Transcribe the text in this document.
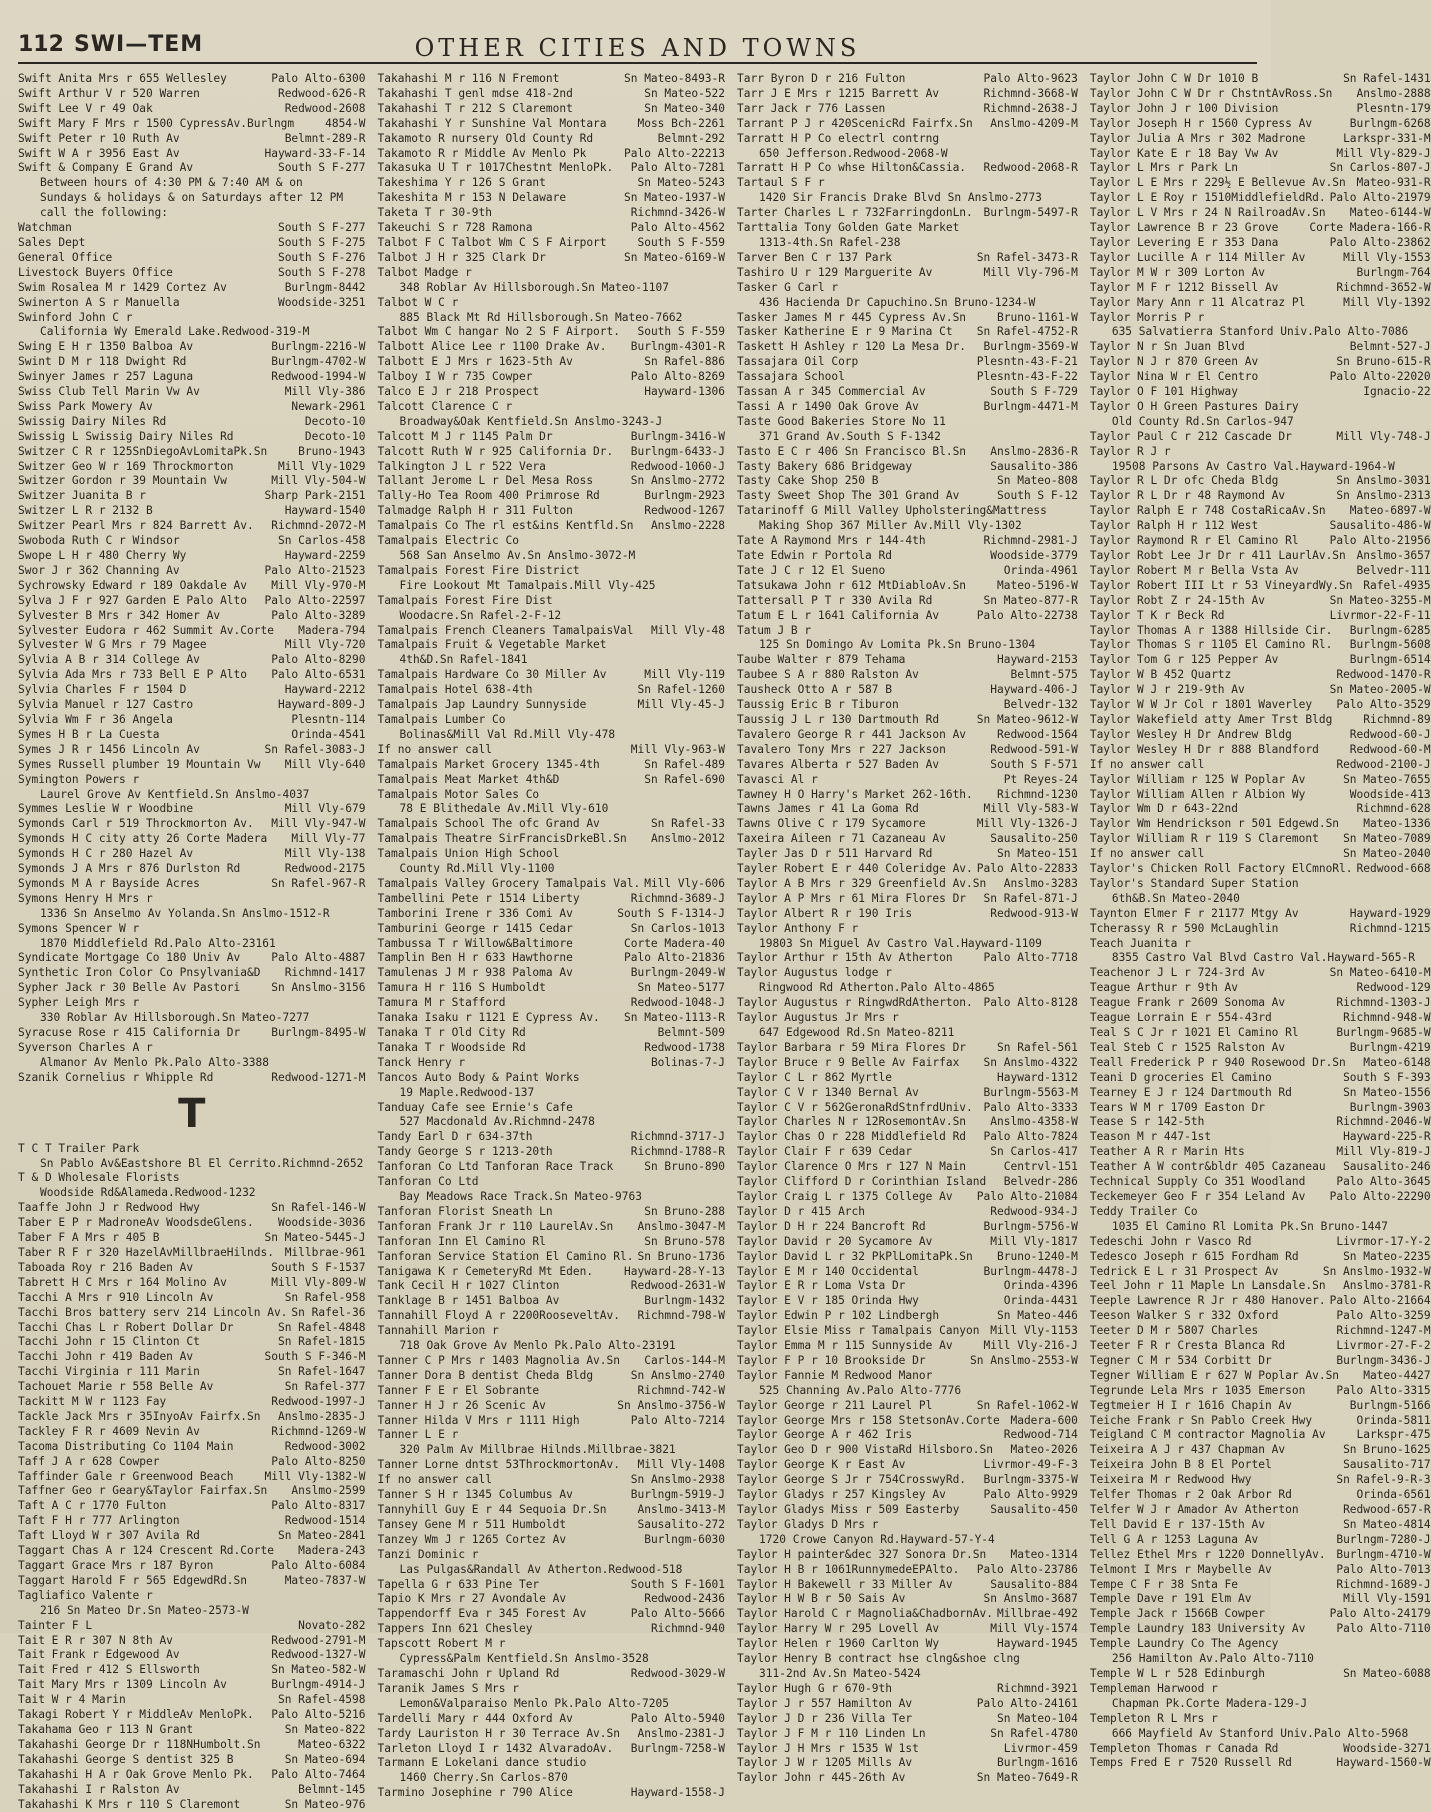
112 SWI—TEM	OTHER CITIES AND TOWNS
Swift Anita Mrs r 655 Wellesley	Palo Alto-6300
Swift Arthur V r 520 Warren	Redwood-626-R
Swift Lee V r 49 Oak	Redwood-2608
Swift Mary F Mrs r 1500 CypressAv.Burlngm	4854-W
Swift Peter r 10 Ruth Av	Belmnt-289-R
Swift W A r 3956 East Av	Hayward-33-F-14
Swift & Company E Grand Av	South S F-277
Between hours of 4:30 PM & 7:40 AM & on
Sundays & holidays & on Saturdays after 12 PM
call the following:
Watchman	South S F-277
Sales Dept	South S F-275
General Office	South S F-276
Livestock Buyers Office	South S F-278
Swim Rosalea M r 1429 Cortez Av	Burlngm-8442
Swinerton A S r Manuella	Woodside-3251
Swinford John C r
California Wy Emerald Lake.Redwood-319-M
Swing E H r 1350 Balboa Av	Burlngm-2216-W
Swint D M r 118 Dwight Rd	Burlngm-4702-W
Swinyer James r 257 Laguna	Redwood-1994-W
Swiss Club Tell Marin Vw Av	Mill Vly-386
Swiss Park Mowery Av	Newark-2961
Swissig Dairy Niles Rd	Decoto-10
Swissig L Swissig Dairy Niles Rd	Decoto-10
Switzer C R r 125SnDiegoAvLomitaPk.Sn	Bruno-1943
Switzer Geo W r 169 Throckmorton	Mill Vly-1029
Switzer Gordon r 39 Mountain Vw	Mill Vly-504-W
Switzer Juanita B r	Sharp Park-2151
Switzer L R r 2132 B	Hayward-1540
Switzer Pearl Mrs r 824 Barrett Av.	Richmnd-2072-M
Swoboda Ruth C r Windsor	Sn Carlos-458
Swope L H r 480 Cherry Wy	Hayward-2259
Swor J r 362 Channing Av	Palo Alto-21523
Sychrowsky Edward r 189 Oakdale Av	Mill Vly-970-M
Sylva J F r 927 Garden E Palo Alto	Palo Alto-22597
Sylvester B Mrs r 342 Homer Av	Palo Alto-3289
Sylvester Eudora r 462 Summit Av.Corte	Madera-794
Sylvester W G Mrs r 79 Magee	Mill Vly-720
Sylvia A B r 314 College Av	Palo Alto-8290
Sylvia Ada Mrs r 733 Bell E P Alto	Palo Alto-6531
Sylvia Charles F r 1504 D	Hayward-2212
Sylvia Manuel r 127 Castro	Hayward-809-J
Sylvia Wm F r 36 Angela	Plesntn-114
Symes H B r La Cuesta	Orinda-4541
Symes J R r 1456 Lincoln Av	Sn Rafel-3083-J
Symes Russell plumber 19 Mountain Vw	Mill Vly-640
Symington Powers r
Laurel Grove Av Kentfield.Sn Anslmo-4037
Symmes Leslie W r Woodbine	Mill Vly-679
Symonds Carl r 519 Throckmorton Av.	Mill Vly-947-W
Symonds H C city atty 26 Corte Madera	Mill Vly-77
Symonds H C r 280 Hazel Av	Mill Vly-138
Symonds J A Mrs r 876 Durlston Rd	Redwood-2175
Symonds M A r Bayside Acres	Sn Rafel-967-R
Symons Henry H Mrs r
1336 Sn Anselmo Av Yolanda.Sn Anslmo-1512-R
Symons Spencer W r
1870 Middlefield Rd.Palo Alto-23161
Syndicate Mortgage Co 180 Univ Av	Palo Alto-4887
Synthetic Iron Color Co Pnsylvania&D	Richmnd-1417
Sypher Jack r 30 Belle Av Pastori	Sn Anslmo-3156
Sypher Leigh Mrs r
330 Roblar Av Hillsborough.Sn Mateo-7277
Syracuse Rose r 415 California Dr	Burlngm-8495-W
Syverson Charles A r
Almanor Av Menlo Pk.Palo Alto-3388
Szanik Cornelius r Whipple Rd	Redwood-1271-M
T
T C T Trailer Park
Sn Pablo Av&Eastshore Bl El Cerrito.Richmnd-2652
T & D Wholesale Florists
Woodside Rd&Alameda.Redwood-1232
Taaffe John J r Redwood Hwy	Sn Rafel-146-W
Taber E P r MadroneAv WoodsdeGlens.	Woodside-3036
Taber F A Mrs r 405 B	Sn Mateo-5445-J
Taber R F r 320 HazelAvMillbraeHilnds. Millbrae-961
Taboada Roy r 216 Baden Av	South S F-1537
Tabrett H C Mrs r 164 Molino Av	Mill Vly-809-W
Tacchi A Mrs r 910 Lincoln Av	Sn Rafel-958
Tacchi Bros battery serv 214 Lincoln Av. Sn Rafel-36
Tacchi Chas L r Robert Dollar Dr	Sn Rafel-4848
Tacchi John r 15 Clinton Ct	Sn Rafel-1815
Tacchi John r 419 Baden Av	South S F-346-M
Tacchi Virginia r 111 Marin	Sn Rafel-1647
Tachouet Marie r 558 Belle Av	Sn Rafel-377
Tackitt M W r 1123 Fay	Redwood-1997-J
Tackle Jack Mrs r 35InyoAv Fairfx.Sn	Anslmo-2835-J
Tackley F R r 4609 Nevin Av	Richmnd-1269-W
Tacoma Distributing Co 1104 Main	Redwood-3002
Taff J A r 628 Cowper	Palo Alto-8250
Taffinder Gale r Greenwood Beach	Mill Vly-1382-W
Taffner Geo r Geary&Taylor Fairfax.Sn	Anslmo-2599
Taft A C r 1770 Fulton	Palo Alto-8317
Taft F H r 777 Arlington	Redwood-1514
Taft Lloyd W r 307 Avila Rd	Sn Mateo-2841
Taggart Chas A r 124 Crescent Rd.Corte	Madera-243
Taggart Grace Mrs r 187 Byron	Palo Alto-6084
Taggart Harold F r 565 EdgewdRd.Sn	Mateo-7837-W
Tagliafico Valente r
216 Sn Mateo Dr.Sn Mateo-2573-W
Tainter F L	Novato-282
Tait E R r 307 N 8th Av	Redwood-2791-M
Tait Frank r Edgewood Av	Redwood-1327-W
Tait Fred r 412 S Ellsworth	Sn Mateo-582-W
Tait Mary Mrs r 1309 Lincoln Av	Burlngm-4914-J
Tait W r 4 Marin	Sn Rafel-4598
Takagi Robert Y r MiddleAv MenloPk.	Palo Alto-5216
Takahama Geo r 113 N Grant	Sn Mateo-822
Takahashi George Dr r 118NHumbolt.Sn	Mateo-6322
Takahashi George S dentist 325 B	Sn Mateo-694
Takahashi H A r Oak Grove Menlo Pk.	Palo Alto-7464
Takahashi I r Ralston Av	Belmnt-145
Takahashi K Mrs r 110 S Claremont	Sn Mateo-976
Takahashi M r 116 N Fremont	Sn Mateo-8493-R
Takahashi T genl mdse 418-2nd	Sn Mateo-522
Takahashi T r 212 S Claremont	Sn Mateo-340
Takahashi Y r Sunshine Val Montara	Moss Bch-2261
Takamoto R nursery Old County Rd	Belmnt-292
Takamoto R r Middle Av Menlo Pk	Palo Alto-22213
Takasuka U T r 1017Chestnt MenloPk.	Palo Alto-7281
Takeshima Y r 126 S Grant	Sn Mateo-5243
Takeshita M r 153 N Delaware	Sn Mateo-1937-W
Taketa T r 30-9th	Richmnd-3426-W
Takeuchi S r 728 Ramona	Palo Alto-4562
Talbot F C Talbot Wm C S F Airport	South S F-559
Talbot J H r 325 Clark Dr	Sn Mateo-6169-W
Talbot Madge r
348 Roblar Av Hillsborough.Sn Mateo-1107
Talbot W C r
885 Black Mt Rd Hillsborough.Sn Mateo-7662
Talbot Wm C hangar No 2 S F Airport.	South S F-559
Talbott Alice Lee r 1100 Drake Av.	Burlngm-4301-R
Talbott E J Mrs r 1623-5th Av	Sn Rafel-886
Talboy I W r 735 Cowper	Palo Alto-8269
Talco E J r 218 Prospect	Hayward-1306
Talcott Clarence C r
Broadway&Oak Kentfield.Sn Anslmo-3243-J
Talcott M J r 1145 Palm Dr	Burlngm-3416-W
Talcott Ruth W r 925 California Dr.	Burlngm-6433-J
Talkington J L r 522 Vera	Redwood-1060-J
Tallant Jerome L r Del Mesa Ross	Sn Anslmo-2772
Tally-Ho Tea Room 400 Primrose Rd	Burlngm-2923
Talmadge Ralph H r 311 Fulton	Redwood-1267
Tamalpais Co The rl est&ins Kentfld.Sn	Anslmo-2228
Tamalpais Electric Co
568 San Anselmo Av.Sn Anslmo-3072-M
Tamalpais Forest Fire District
Fire Lookout Mt Tamalpais.Mill Vly-425
Tamalpais Forest Fire Dist
Woodacre.Sn Rafel-2-F-12
Tamalpais French Cleaners TamalpaisVal	Mill Vly-48
Tamalpais Fruit & Vegetable Market
4th&D.Sn Rafel-1841
Tamalpais Hardware Co 30 Miller Av	Mill Vly-119
Tamalpais Hotel 638-4th	Sn Rafel-1260
Tamalpais Jap Laundry Sunnyside	Mill Vly-45-J
Tamalpais Lumber Co
Bolinas&Mill Val Rd.Mill Vly-478
If no answer call	Mill Vly-963-W
Tamalpais Market Grocery 1345-4th	Sn Rafel-489
Tamalpais Meat Market 4th&D	Sn Rafel-690
Tamalpais Motor Sales Co
78 E Blithedale Av.Mill Vly-610
Tamalpais School The ofc Grand Av	Sn Rafel-33
Tamalpais Theatre SirFrancisDrkeBl.Sn	Anslmo-2012
Tamalpais Union High School
County Rd.Mill Vly-1100
Tamalpais Valley Grocery Tamalpais Val. Mill Vly-606
Tambellini Pete r 1514 Liberty	Richmnd-3689-J
Tamborini Irene r 336 Comi Av	South S F-1314-J
Tamburini George r 1415 Cedar	Sn Carlos-1013
Tambussa T r Willow&Baltimore	Corte Madera-40
Tamplin Ben H r 633 Hawthorne	Palo Alto-21836
Tamulenas J M r 938 Paloma Av	Burlngm-2049-W
Tamura H r 116 S Humboldt	Sn Mateo-5177
Tamura M r Stafford	Redwood-1048-J
Tanaka Isaku r 1121 E Cypress Av.	Sn Mateo-1113-R
Tanaka T r Old City Rd	Belmnt-509
Tanaka T r Woodside Rd	Redwood-1738
Tanck Henry r	Bolinas-7-J
Tancos Auto Body & Paint Works
19 Maple.Redwood-137
Tanduay Cafe see Ernie's Cafe
527 Macdonald Av.Richmnd-2478
Tandy Earl D r 634-37th	Richmnd-3717-J
Tandy George S r 1213-20th	Richmnd-1788-R
Tanforan Co Ltd Tanforan Race Track	Sn Bruno-890
Tanforan Co Ltd
Bay Meadows Race Track.Sn Mateo-9763
Tanforan Florist Sneath Ln	Sn Bruno-288
Tanforan Frank Jr r 110 LaurelAv.Sn	Anslmo-3047-M
Tanforan Inn El Camino Rl	Sn Bruno-578
Tanforan Service Station El Camino Rl. Sn Bruno-1736
Tanigawa K r CemeteryRd Mt Eden.	Hayward-28-Y-13
Tank Cecil H r 1027 Clinton	Redwood-2631-W
Tanklage B r 1451 Balboa Av	Burlngm-1432
Tannahill Floyd A r 2200RooseveltAv.	Richmnd-798-W
Tannahill Marion r
718 Oak Grove Av Menlo Pk.Palo Alto-23191
Tanner C P Mrs r 1403 Magnolia Av.Sn	Carlos-144-M
Tanner Dora B dentist Cheda Bldg	Sn Anslmo-2740
Tanner F E r El Sobrante	Richmnd-742-W
Tanner H J r 26 Scenic Av	Sn Anslmo-3756-W
Tanner Hilda V Mrs r 1111 High	Palo Alto-7214
Tanner L E r
320 Palm Av Millbrae Hilnds.Millbrae-3821
Tanner Lorne dntst 53ThrockmortonAv.	Mill Vly-1408
If no answer call	Sn Anslmo-2938
Tanner S H r 1345 Columbus Av	Burlngm-5919-J
Tannyhill Guy E r 44 Sequoia Dr.Sn	Anslmo-3413-M
Tansey Gene M r 511 Humboldt	Sausalito-272
Tanzey Wm J r 1265 Cortez Av	Burlngm-6030
Tanzi Dominic r
Las Pulgas&Randall Av Atherton.Redwood-518
Tapella G r 633 Pine Ter	South S F-1601
Tapio K Mrs r 27 Avondale Av	Redwood-2436
Tappendorff Eva r 345 Forest Av	Palo Alto-5666
Tappers Inn 621 Chesley	Richmnd-940
Tapscott Robert M r
Cypress&Palm Kentfield.Sn Anslmo-3528
Taramaschi John r Upland Rd	Redwood-3029-W
Taranik James S Mrs r
Lemon&Valparaiso Menlo Pk.Palo Alto-7205
Tardelli Mary r 444 Oxford Av	Palo Alto-5940
Tardy Lauriston H r 30 Terrace Av.Sn	Anslmo-2381-J
Tarleton Lloyd I r 1432 AlvaradoAv.	Burlngm-7258-W
Tarmann E Lokelani dance studio
1460 Cherry.Sn Carlos-870
Tarmino Josephine r 790 Alice	Hayward-1558-J
Tarr Byron D r 216 Fulton	Palo Alto-9623
Tarr J E Mrs r 1215 Barrett Av	Richmnd-3668-W
Tarr Jack r 776 Lassen	Richmnd-2638-J
Tarrant P J r 420ScenicRd Fairfx.Sn	Anslmo-4209-M
Tarratt H P Co electrl contrng
650 Jefferson.Redwood-2068-W
Tarratt H P Co whse Hilton&Cassia.	Redwood-2068-R
Tartaul S F r
1420 Sir Francis Drake Blvd Sn Anslmo-2773
Tarter Charles L r 732FarringdonLn. Burlngm-5497-R
Tarttalia Tony Golden Gate Market
1313-4th.Sn Rafel-238
Tarver Ben C r 137 Park	Sn Rafel-3473-R
Tashiro U r 129 Marguerite Av	Mill Vly-796-M
Tasker G Carl r
436 Hacienda Dr Capuchino.Sn Bruno-1234-W
Tasker James M r 445 Cypress Av.Sn	Bruno-1161-W
Tasker Katherine E r 9 Marina Ct	Sn Rafel-4752-R
Taskett H Ashley r 120 La Mesa Dr.	Burlngm-3569-W
Tassajara Oil Corp	Plesntn-43-F-21
Tassajara School	Plesntn-43-F-22
Tassan A r 345 Commercial Av	South S F-729
Tassi A r 1490 Oak Grove Av	Burlngm-4471-M
Taste Good Bakeries Store No 11
371 Grand Av.South S F-1342
Tasto E C r 406 Sn Francisco Bl.Sn	Anslmo-2836-R
Tasty Bakery 686 Bridgeway	Sausalito-386
Tasty Cake Shop 250 B	Sn Mateo-808
Tasty Sweet Shop The 301 Grand Av	South S F-12
Tatarinoff G Mill Valley Upholstering&Mattress
Making Shop 367 Miller Av.Mill Vly-1302
Tate A Raymond Mrs r 144-4th	Richmnd-2981-J
Tate Edwin r Portola Rd	Woodside-3779
Tate J C r 12 El Sueno	Orinda-4961
Tatsukawa John r 612 MtDiabloAv.Sn	Mateo-5196-W
Tattersall P T r 330 Avila Rd	Sn Mateo-877-R
Tatum E L r 1641 California Av	Palo Alto-22738
Tatum J B r
125 Sn Domingo Av Lomita Pk.Sn Bruno-1304
Taube Walter r 879 Tehama	Hayward-2153
Taubee S A r 880 Ralston Av	Belmnt-575
Tausheck Otto A r 587 B	Hayward-406-J
Taussig Eric B r Tiburon	Belvedr-132
Taussig J L r 130 Dartmouth Rd	Sn Mateo-9612-W
Tavalero George R r 441 Jackson Av	Redwood-1564
Tavalero Tony Mrs r 227 Jackson	Redwood-591-W
Tavares Alberta r 527 Baden Av	South S F-571
Tavasci Al r	Pt Reyes-24
Tawney H O Harry's Market 262-16th.	Richmnd-1230
Tawns James r 41 La Goma Rd	Mill Vly-583-W
Tawns Olive C r 179 Sycamore	Mill Vly-1326-J
Taxeira Aileen r 71 Cazaneau Av	Sausalito-250
Tayler Jas D r 511 Harvard Rd	Sn Mateo-151
Tayler Robert E r 440 Coleridge Av. Palo Alto-22833
Taylor A B Mrs r 329 Greenfield Av.Sn	Anslmo-3283
Taylor A P Mrs r 61 Mira Flores Dr	Sn Rafel-871-J
Taylor Albert R r 190 Iris	Redwood-913-W
Taylor Anthony F r
19803 Sn Miguel Av Castro Val.Hayward-1109
Taylor Arthur r 15th Av Atherton	Palo Alto-7718
Taylor Augustus lodge r
Ringwood Rd Atherton.Palo Alto-4865
Taylor Augustus r RingwdRdAtherton. Palo Alto-8128
Taylor Augustus Jr Mrs r
647 Edgewood Rd.Sn Mateo-8211
Taylor Barbara r 59 Mira Flores Dr	Sn Rafel-561
Taylor Bruce r 9 Belle Av Fairfax	Sn Anslmo-4322
Taylor C L r 862 Myrtle	Hayward-1312
Taylor C V r 1340 Bernal Av	Burlngm-5563-M
Taylor C V r 562GeronaRdStnfrdUniv. Palo Alto-3333
Taylor Charles N r 12RosemontAv.Sn	Anslmo-4358-W
Taylor Chas O r 228 Middlefield Rd	Palo Alto-7824
Taylor Clair F r 639 Cedar	Sn Carlos-417
Taylor Clarence O Mrs r 127 N Main	Centrvl-151
Taylor Clifford D r Corinthian Island	Belvedr-286
Taylor Craig L r 1375 College Av	Palo Alto-21084
Taylor D r 415 Arch	Redwood-934-J
Taylor D H r 224 Bancroft Rd	Burlngm-5756-W
Taylor David r 20 Sycamore Av	Mill Vly-1817
Taylor David L r 32 PkPlLomitaPk.Sn	Bruno-1240-M
Taylor E M r 140 Occidental	Burlngm-4478-J
Taylor E R r Loma Vsta Dr	Orinda-4396
Taylor E V r 185 Orinda Hwy	Orinda-4431
Taylor Edwin P r 102 Lindbergh	Sn Mateo-446
Taylor Elsie Miss r Tamalpais Canyon Mill Vly-1153
Taylor Emma M r 115 Sunnyside Av	Mill Vly-216-J
Taylor F P r 10 Brookside Dr	Sn Anslmo-2553-W
Taylor Fannie M Redwood Manor
525 Channing Av.Palo Alto-7776
Taylor George r 211 Laurel Pl	Sn Rafel-1062-W
Taylor George Mrs r 158 StetsonAv.Corte Madera-600
Taylor George A r 462 Iris	Redwood-714
Taylor Geo D r 900 VistaRd Hilsboro.Sn	Mateo-2026
Taylor George K r East Av	Livrmor-49-F-3
Taylor George S Jr r 754CrosswyRd.	Burlngm-3375-W
Taylor Gladys r 257 Kingsley Av	Palo Alto-9929
Taylor Gladys Miss r 509 Easterby	Sausalito-450
Taylor Gladys D Mrs r
1720 Crowe Canyon Rd.Hayward-57-Y-4
Taylor H painter&dec 327 Sonora Dr.Sn	Mateo-1314
Taylor H B r 1061RunnymedeEPAlto.	Palo Alto-23786
Taylor H Bakewell r 33 Miller Av	Sausalito-884
Taylor H W B r 50 Sais Av	Sn Anslmo-3687
Taylor Harold C r Magnolia&ChadbornAv. Millbrae-492
Taylor Harry W r 295 Lovell Av	Mill Vly-1574
Taylor Helen r 1960 Carlton Wy	Hayward-1945
Taylor Henry B contract hse clng&shoe clng
311-2nd Av.Sn Mateo-5424
Taylor Hugh G r 670-9th	Richmnd-3921
Taylor J r 557 Hamilton Av	Palo Alto-24161
Taylor J D r 236 Villa Ter	Sn Mateo-104
Taylor J F M r 110 Linden Ln	Sn Rafel-4780
Taylor J H Mrs r 1535 W 1st	Livrmor-459
Taylor J W r 1205 Mills Av	Burlngm-1616
Taylor John r 445-26th Av	Sn Mateo-7649-R
Taylor John C W Dr 1010 B	Sn Rafel-1431
Taylor John C W Dr r ChstntAvRoss.Sn	Anslmo-2888
Taylor John J r 100 Division	Plesntn-179
Taylor Joseph H r 1560 Cypress Av	Burlngm-6268
Taylor Julia A Mrs r 302 Madrone	Larkspr-331-M
Taylor Kate E r 18 Bay Vw Av	Mill Vly-829-J
Taylor L Mrs r Park Ln	Sn Carlos-807-J
Taylor L E Mrs r 229½ E Bellevue Av.Sn Mateo-931-R
Taylor L E Roy r 1510MiddlefieldRd. Palo Alto-21979
Taylor L V Mrs r 24 N RailroadAv.Sn	Mateo-6144-W
Taylor Lawrence B r 23 Grove	Corte Madera-166-R
Taylor Levering E r 353 Dana	Palo Alto-23862
Taylor Lucille A r 114 Miller Av	Mill Vly-1553
Taylor M W r 309 Lorton Av	Burlngm-764
Taylor M F r 1212 Bissell Av	Richmnd-3652-W
Taylor Mary Ann r 11 Alcatraz Pl	Mill Vly-1392
Taylor Morris P r
635 Salvatierra Stanford Univ.Palo Alto-7086
Taylor N r Sn Juan Blvd	Belmnt-527-J
Taylor N J r 870 Green Av	Sn Bruno-615-R
Taylor Nina W r El Centro	Palo Alto-22020
Taylor O F 101 Highway	Ignacio-22
Taylor O H Green Pastures Dairy
Old County Rd.Sn Carlos-947
Taylor Paul C r 212 Cascade Dr	Mill Vly-748-J
Taylor R J r
19508 Parsons Av Castro Val.Hayward-1964-W
Taylor R L Dr ofc Cheda Bldg	Sn Anslmo-3031
Taylor R L Dr r 48 Raymond Av	Sn Anslmo-2313
Taylor Ralph E r 748 CostaRicaAv.Sn	Mateo-6897-W
Taylor Ralph H r 112 West	Sausalito-486-W
Taylor Raymond R r El Camino Rl	Palo Alto-21956
Taylor Robt Lee Jr Dr r 411 LaurlAv.Sn Anslmo-3657
Taylor Robert M r Bella Vsta Av	Belvedr-111
Taylor Robert III Lt r 53 VineyardWy.Sn Rafel-4935
Taylor Robt Z r 24-15th Av	Sn Mateo-3255-M
Taylor T K r Beck Rd	Livrmor-22-F-11
Taylor Thomas A r 1388 Hillside Cir.	Burlngm-6285
Taylor Thomas S r 1105 El Camino Rl.	Burlngm-5608
Taylor Tom G r 125 Pepper Av	Burlngm-6514
Taylor W B 452 Quartz	Redwood-1470-R
Taylor W J r 219-9th Av	Sn Mateo-2005-W
Taylor W W Jr Col r 1801 Waverley	Palo Alto-3529
Taylor Wakefield atty Amer Trst Bldg	Richmnd-89
Taylor Wesley H Dr Andrew Bldg	Redwood-60-J
Taylor Wesley H Dr r 888 Blandford	Redwood-60-M
If no answer call	Redwood-2100-J
Taylor William r 125 W Poplar Av	Sn Mateo-7655
Taylor William Allen r Albion Wy	Woodside-413
Taylor Wm D r 643-22nd	Richmnd-628
Taylor Wm Hendrickson r 501 Edgewd.Sn	Mateo-1336
Taylor William R r 119 S Claremont	Sn Mateo-7089
If no answer call	Sn Mateo-2040
Taylor's Chicken Roll Factory ElCmnoRl. Redwood-668
Taylor's Standard Super Station
6th&B.Sn Mateo-2040
Taynton Elmer F r 21177 Mtgy Av	Hayward-1929
Tcherassy R r 590 McLaughlin	Richmnd-1215
Teach Juanita r
8355 Castro Val Blvd Castro Val.Hayward-565-R
Teachenor J L r 724-3rd Av	Sn Mateo-6410-M
Teague Arthur r 9th Av	Redwood-129
Teague Frank r 2609 Sonoma Av	Richmnd-1303-J
Teague Lorrain E r 554-43rd	Richmnd-948-W
Teal S C Jr r 1021 El Camino Rl	Burlngm-9685-W
Teal Steb C r 1525 Ralston Av	Burlngm-4219
Teall Frederick P r 940 Rosewood Dr.Sn	Mateo-6148
Teani D groceries El Camino	South S F-393
Tearney E J r 124 Dartmouth Rd	Sn Mateo-1556
Tears W M r 1709 Easton Dr	Burlngm-3903
Tease S r 142-5th	Richmnd-2046-W
Teason M r 447-1st	Hayward-225-R
Teather A R r Marin Hts	Mill Vly-819-J
Teather A W contr&bldr 405 Cazaneau	Sausalito-246
Technical Supply Co 351 Woodland	Palo Alto-3645
Teckemeyer Geo F r 354 Leland Av	Palo Alto-22290
Teddy Trailer Co
1035 El Camino Rl Lomita Pk.Sn Bruno-1447
Tedeschi John r Vasco Rd	Livrmor-17-Y-2
Tedesco Joseph r 615 Fordham Rd	Sn Mateo-2235
Tedrick E L r 31 Prospect Av	Sn Anslmo-1932-W
Teel John r 11 Maple Ln Lansdale.Sn	Anslmo-3781-R
Teeple Lawrence R Jr r 480 Hanover. Palo Alto-21664
Teeson Walker S r 332 Oxford	Palo Alto-3259
Teeter D M r 5807 Charles	Richmnd-1247-M
Teeter F R r Cresta Blanca Rd	Livrmor-27-F-2
Tegner C M r 534 Corbitt Dr	Burlngm-3436-J
Tegner William E r 627 W Poplar Av.Sn	Mateo-4427
Tegrunde Lela Mrs r 1035 Emerson	Palo Alto-3315
Tegtmeier H I r 1616 Chapin Av	Burlngm-5166
Teiche Frank r Sn Pablo Creek Hwy	Orinda-5811
Teigland C M contractor Magnolia Av	Larkspr-475
Teixeira A J r 437 Chapman Av	Sn Bruno-1625
Teixeira John B 8 El Portel	Sausalito-717
Teixeira M r Redwood Hwy	Sn Rafel-9-R-3
Telfer Thomas r 2 Oak Arbor Rd	Orinda-6561
Telfer W J r Amador Av Atherton	Redwood-657-R
Tell David E r 137-15th Av	Sn Mateo-4814
Tell G A r 1253 Laguna Av	Burlngm-7280-J
Tellez Ethel Mrs r 1220 DonnellyAv. Burlngm-4710-W
Telmont I Mrs r Maybelle Av	Palo Alto-7013
Tempe C F r 38 Snta Fe	Richmnd-1689-J
Temple Dave r 191 Elm Av	Mill Vly-1591
Temple Jack r 1566B Cowper	Palo Alto-24179
Temple Laundry 183 University Av	Palo Alto-7110
Temple Laundry Co The Agency
256 Hamilton Av.Palo Alto-7110
Temple W L r 528 Edinburgh	Sn Mateo-6088
Templeman Harwood r
Chapman Pk.Corte Madera-129-J
Templeton R L Mrs r
666 Mayfield Av Stanford Univ.Palo Alto-5968
Templeton Thomas r Canada Rd	Woodside-3271
Temps Fred E r 7520 Russell Rd	Hayward-1560-W
